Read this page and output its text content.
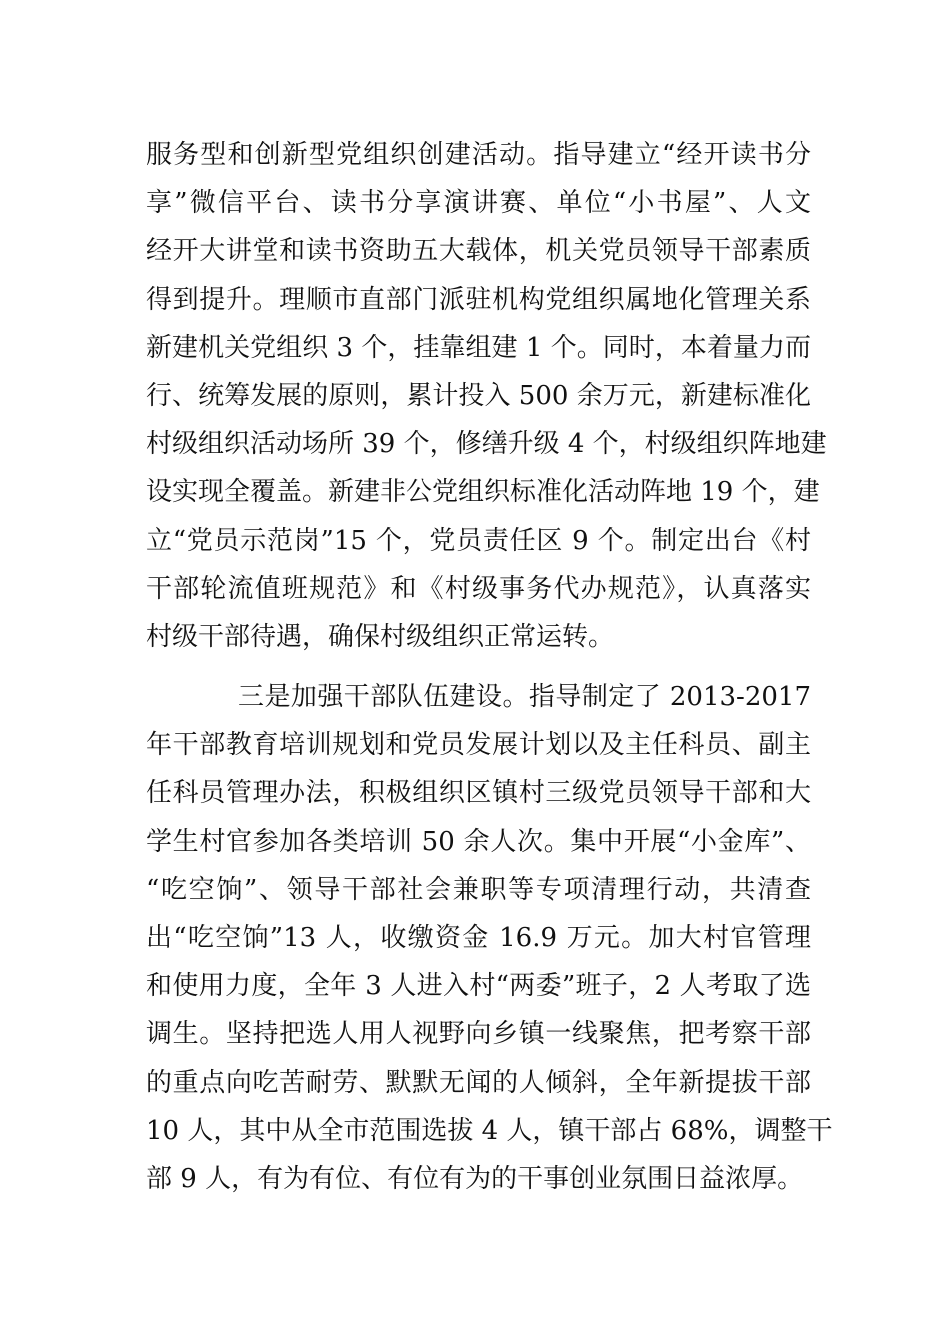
服务型和创新型党组织创建活动。指导建立“经开读书分
享”微信平台、读书分享演讲赛、单位“小书屋”、人文
经开大讲堂和读书资助五大载体，机关党员领导干部素质
得到提升。理顺市直部门派驻机构党组织属地化管理关系
新建机关党组织 3 个，挂靠组建 1 个。同时，本着量力而
行、统筹发展的原则，累计投入 500 余万元，新建标准化
村级组织活动场所 39 个，修缮升级 4 个，村级组织阵地建
设实现全覆盖。新建非公党组织标准化活动阵地 19 个，建
立“党员示范岗”15 个，党员责任区 9 个。制定出台《村
干部轮流值班规范》和《村级事务代办规范》，认真落实
村级干部待遇，确保村级组织正常运转。
三是加强干部队伍建设。指导制定了 2013-2017
年干部教育培训规划和党员发展计划以及主任科员、副主
任科员管理办法，积极组织区镇村三级党员领导干部和大
学生村官参加各类培训 50 余人次。集中开展“小金库”、
“吃空饷”、领导干部社会兼职等专项清理行动，共清查
出“吃空饷”13 人，收缴资金 16.9 万元。加大村官管理
和使用力度，全年 3 人进入村“两委”班子，2 人考取了选
调生。坚持把选人用人视野向乡镇一线聚焦，把考察干部
的重点向吃苦耐劳、默默无闻的人倾斜，全年新提拔干部
10 人，其中从全市范围选拔 4 人，镇干部占 68%，调整干
部 9 人，有为有位、有位有为的干事创业氛围日益浓厚。
